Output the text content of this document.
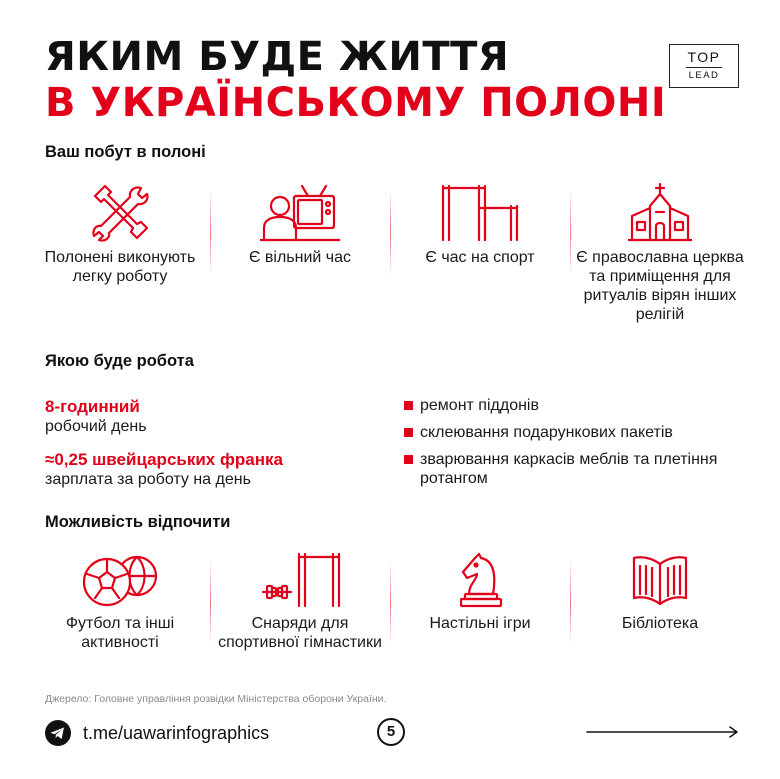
ЯКИМ БУДЕ ЖИТТЯ
В УКРАЇНСЬКОМУ ПОЛОНІ
TOP
LEAD
Ваш побут в полоні
Полонені виконують легку роботу
Є вільний час	Є час на спорт	Є православна церква та приміщення для ритуалів вірян інших релігій
Якою буде робота
8-годинний
робочий день
≈0,25 швейцарських франка
зарплата за роботу на день
ремонт піддонів
склеювання подарункових пакетів
зварювання каркасів меблів та плетіння ротангом
Можливість відпочити
Футбол та інші активності
Снаряди для спортивної гімнастики
Настільні ігри	Бібліотека
Джерело: Головне управління розвідки Міністерства оборони України.
t.me/uawarinfographics	5
